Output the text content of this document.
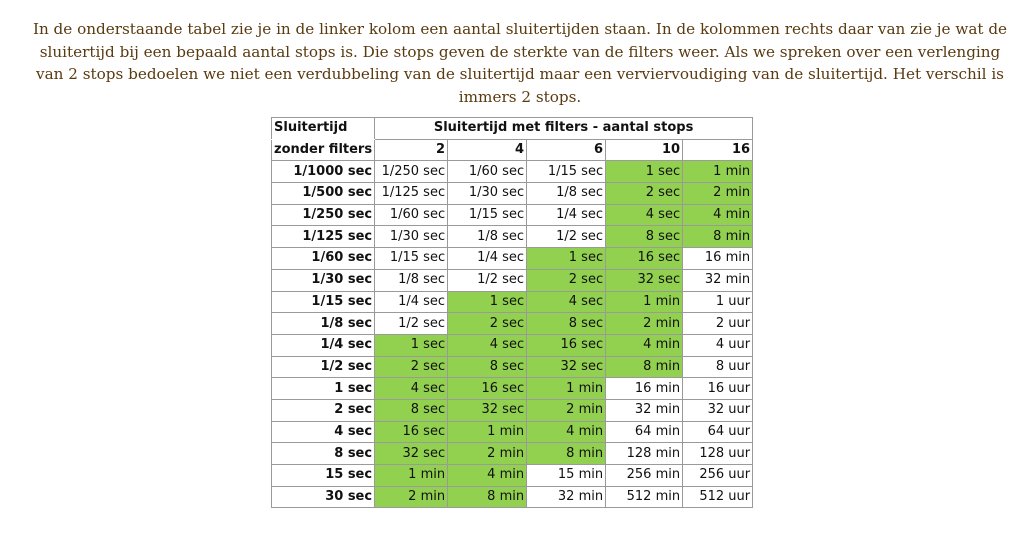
In de onderstaande tabel zie je in de linker kolom een aantal sluitertijden staan. In de kolommen rechts daar van zie je wat de sluitertijd bij een bepaald aantal stops is. Die stops geven de sterkte van de filters weer. Als we spreken over een verlenging van 2 stops bedoelen we niet een verdubbeling van de sluitertijd maar een verviervoudiging van de sluitertijd. Het verschil is immers 2 stops.

Sluitertijd	Sluitertijd met filters - aantal stops				
zonder filters	2	4	6	10	16
1/1000 sec	1/250 sec	1/60 sec	1/15 sec	1 sec	1 min
1/500 sec	1/125 sec	1/30 sec	1/8 sec	2 sec	2 min
1/250 sec	1/60 sec	1/15 sec	1/4 sec	4 sec	4 min
1/125 sec	1/30 sec	1/8 sec	1/2 sec	8 sec	8 min
1/60 sec	1/15 sec	1/4 sec	1 sec	16 sec	16 min
1/30 sec	1/8 sec	1/2 sec	2 sec	32 sec	32 min
1/15 sec	1/4 sec	1 sec	4 sec	1 min	1 uur
1/8 sec	1/2 sec	2 sec	8 sec	2 min	2 uur
1/4 sec	1 sec	4 sec	16 sec	4 min	4 uur
1/2 sec	2 sec	8 sec	32 sec	8 min	8 uur
1 sec	4 sec	16 sec	1 min	16 min	16 uur
2 sec	8 sec	32 sec	2 min	32 min	32 uur
4 sec	16 sec	1 min	4 min	64 min	64 uur
8 sec	32 sec	2 min	8 min	128 min	128 uur
15 sec	1 min	4 min	15 min	256 min	256 uur
30 sec	2 min	8 min	32 min	512 min	512 uur
